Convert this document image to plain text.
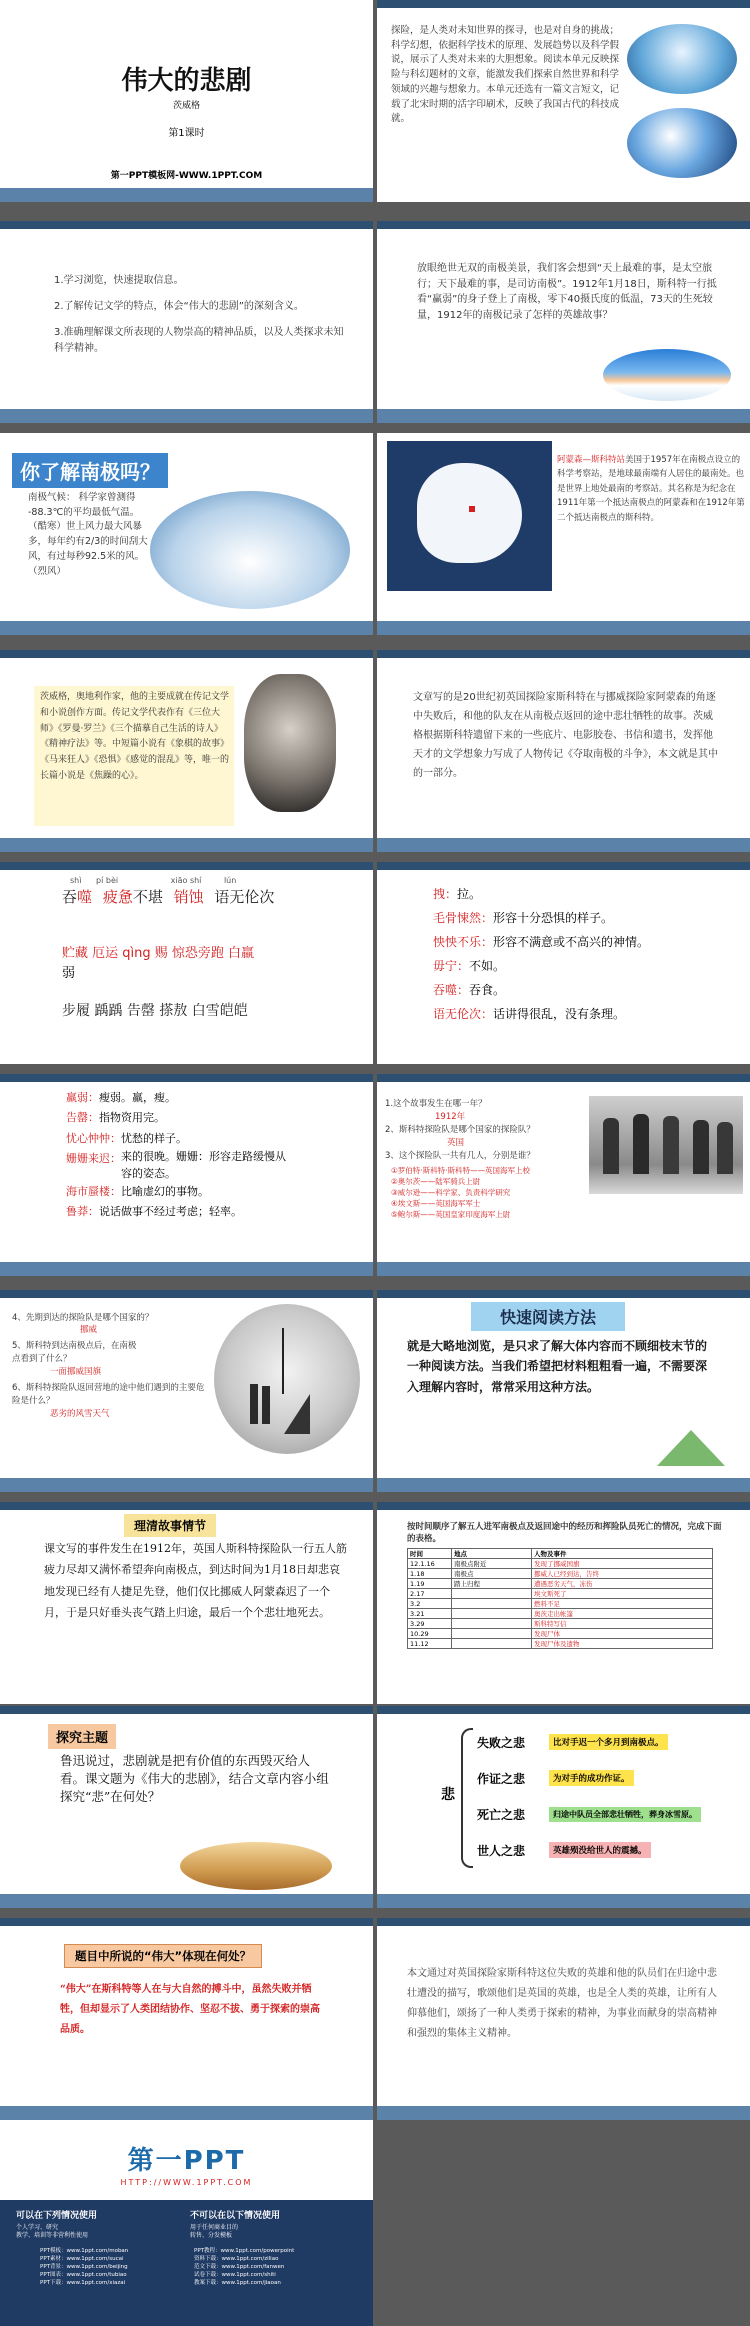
伟大的悲剧
茨威格
第1课时
第一PPT模板网-WWW.1PPT.COM
探险，是人类对未知世界的探寻，也是对自身的挑战；科学幻想，依据科学技术的原理、发展趋势以及科学假说，展示了人类对未来的大胆想象。阅读本单元反映探险与科幻题材的文章，能激发我们探索自然世界和科学领域的兴趣与想象力。本单元还选有一篇文言短文，记载了北宋时期的活字印刷术，反映了我国古代的科技成就。
1.学习浏览，快速提取信息。
2.了解传记文学的特点，体会“伟大的悲剧”的深刻含义。
3.准确理解课文所表现的人物崇高的精神品质，以及人类探求未知科学精神。
放眼绝世无双的南极美景，我们客会想到“天上最难的事，是太空旅行；天下最难的事，是司访南极”。1912年1月18日，斯科特一行抵看“赢弱”的身子登上了南极，零下40摄氏度的低温，73天的生死较量，1912年的南极记录了怎样的英雄故事？
你了解南极吗？
南极气候： 科学家曾测得 -88.3℃的平均最低气温。（酷寒）世上风力最大风暴多，每年约有2/3的时间刮大风，有过每秒92.5米的风。（烈风）
阿蒙森—斯科特站美国于1957年在南极点设立的科学考察站，是地球最南端有人居住的最南处。也是世界上地处最南的考察站。其名称是为纪念在1911年第一个抵达南极点的阿蒙森和在1912年第二个抵达南极点的斯科特。
茨威格，奥地利作家，他的主要成就在传记文学和小说创作方面。传记文学代表作有《三位大师》《罗曼·罗兰》《三个描摹自己生活的诗人》《精神疗法》等。中短篇小说有《象棋的故事》《马来狂人》《恐惧》《感觉的混乱》等，唯一的长篇小说是《焦躁的心》。
文章写的是20世纪初英国探险家斯科特在与挪威探险家阿蒙森的角逐中失败后，和他的队友在从南极点返回的途中悲壮牺牲的故事。茨威格根据斯科特遗留下来的一些底片、电影胶卷、书信和遗书，发挥他天才的文学想象力写成了人物传记《夺取南极的斗争》，本文就是其中的一部分。
吞噬 疲惫不堪 销蚀 语无伦次
shì pí bèi	xiāo shí	lún
贮藏 厄运 qìng 赐 惊恐旁跑 白羸
弱
步履 踽踽 告罄 搽敖 白雪皑皑
拽：拉。
毛骨悚然：形容十分恐惧的样子。
怏怏不乐：形容不满意或不高兴的神情。
毋宁：不如。
吞噬：吞食。
语无伦次：话讲得很乱，没有条理。
羸弱：瘦弱。羸，瘦。
告罄：指物资用完。
忧心忡忡：忧愁的样子。
姗姗来迟： 来的很晚。姗姗：形容走路缓慢从容的姿态。
海市蜃楼：比喻虚幻的事物。
鲁莽：说话做事不经过考虑；轻率。
1.这个故事发生在哪一年？
1912年
2、斯科特探险队是哪个国家的探险队？
英国
3、这个探险队一共有几人，分别是谁？
①罗伯特·斯科特·斯科特——英国海军上校
②奥尔茨——陆军骑兵上尉
③威尔逊——科学家、负责科学研究
④埃文斯——英国海军军士
⑤鲍尔斯——英国皇家印度海军上尉
4、先期到达的探险队是哪个国家的？
挪威
5、斯科特到达南极点后，在南极点看到了什么？
一面挪威国旗
6、斯科特探险队返回营地的途中他们遇到的主要危险是什么？
恶劣的风雪天气
快速阅读方法
就是大略地浏览，是只求了解大体内容而不顾细枝末节的一种阅读方法。当我们希望把材料粗粗看一遍，不需要深入理解内容时，常常采用这种方法。
理清故事情节
课文写的事件发生在1912年，英国人斯科特探险队一行五人筋疲力尽却又满怀希望奔向南极点，到达时间为1月18日却悲哀地发现已经有人捷足先登，他们仅比挪威人阿蒙森迟了一个月，于是只好垂头丧气踏上归途，最后一个个悲壮地死去。
按时间顺序了解五人进军南极点及返回途中的经历和挥险队员死亡的情况，完成下面的表格。
时间	地点	人物及事件
12.1.16	南极点附近	发现了挪威国旗
1.18	南极点	挪威人已经到达，告终
1.19	踏上归程	遭遇恶劣天气，冻伤
2.17		埃文斯死了
3.2		燃料不足
3.21		奥茨走出帐篷
3.29		斯科特写信
10.29		发现尸体
11.12		发现尸体及遗物
探究主题
鲁迅说过，悲剧就是把有价值的东西毁灭给人看。课文题为《伟大的悲剧》，结合文章内容小组探究“悲”在何处？	悲
失败之悲	比对手迟一个多月到南极点。
作证之悲	为对手的成功作证。
死亡之悲	归途中队员全部悲壮牺牲，葬身冰雪原。
世人之悲	英雄殒没给世人的震撼。
题目中所说的“伟大”体现在何处？
“伟大”在斯科特等人在与大自然的搏斗中，虽然失败并牺牲，但却显示了人类团结协作、坚忍不拔、勇于探索的崇高品质。
本文通过对英国探险家斯科特这位失败的英雄和他的队员们在归途中悲壮遭没的描写，歌颂他们是英国的英雄，也是全人类的英雄，让所有人仰慕他们，颂扬了一种人类勇于探索的精神，为事业而献身的崇高精神和强烈的集体主义精神。
第一PPT
HTTP://WWW.1PPT.COM
可以在下列情况使用
个人学习、研究
教学、培训等非营利性使用
不可以在以下情况使用
用于任何商业目的
转售、分发模板
PPT模板：www.1ppt.com/moban
PPT素材：www.1ppt.com/sucai
PPT背景：www.1ppt.com/beijing
PPT图表：www.1ppt.com/tubiao
PPT下载：www.1ppt.com/xiazai
PPT教程：www.1ppt.com/powerpoint
资料下载：www.1ppt.com/ziliao
范文下载：www.1ppt.com/fanwen
试卷下载：www.1ppt.com/shiti
教案下载：www.1ppt.com/jiaoan
